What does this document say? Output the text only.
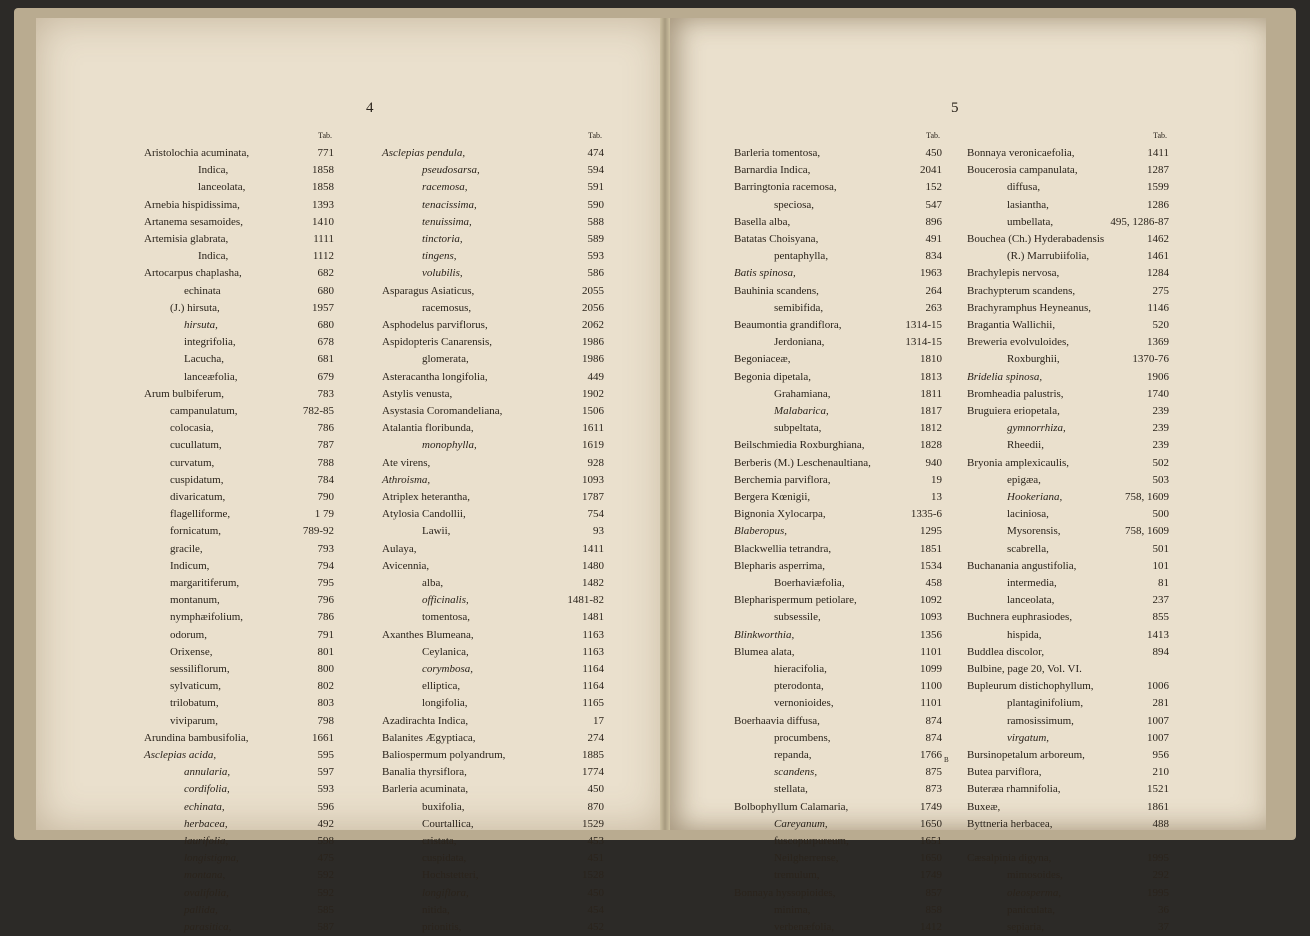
4
Tab.
Aristolochia acuminata,	771
Indica,	1858
lanceolata,	1858
Arnebia hispidissima,	1393
Artanema sesamoides,	1410
Artemisia glabrata,	1111
Indica,	1112
Artocarpus chaplasha,	682
echinata	680
(J.) hirsuta,	1957
hirsuta,	680
integrifolia,	678
Lacucha,	681
lanceæfolia,	679
Arum bulbiferum,	783
campanulatum,	782-85
colocasia,	786
cucullatum,	787
curvatum,	788
cuspidatum,	784
divaricatum,	790
flagelliforme,	1 79
fornicatum,	789-92
gracile,	793
Indicum,	794
margaritiferum,	795
montanum,	796
nymphæifolium,	786
odorum,	791
Orixense,	801
sessiliflorum,	800
sylvaticum,	802
trilobatum,	803
viviparum,	798
Arundina bambusifolia,	1661
Asclepias acida,	595
annularia,	597
cordifolia,	593
echinata,	596
herbacea,	492
laurifolia,	598
longistigma,	475
montana,	592
ovalifolia,	592
pallida,	585
parasitica,	587
Tab.
Asclepias pendula,	474
pseudosarsa,	594
racemosa,	591
tenacissima,	590
tenuissima,	588
tinctoria,	589
tingens,	593
volubilis,	586
Asparagus Asiaticus,	2055
racemosus,	2056
Asphodelus parviflorus,	2062
Aspidopteris Canarensis,	1986
glomerata,	1986
Asteracantha longifolia,	449
Astylis venusta,	1902
Asystasia Coromandeliana,	1506
Atalantia floribunda,	1611
monophylla,	1619
Ate virens,	928
Athroisma,	1093
Atriplex heterantha,	1787
Atylosia Candollii,	754
Lawii,	93
Aulaya,	1411
Avicennia,	1480
alba,	1482
officinalis,	1481-82
tomentosa,	1481
Axanthes Blumeana,	1163
Ceylanica,	1163
corymbosa,	1164
elliptica,	1164
longifolia,	1165
Azadirachta Indica,	17
Balanites Ægyptiaca,	274
Baliospermum polyandrum,	1885
Banalia thyrsiflora,	1774
Barleria acuminata,	450
buxifolia,	870
Courtallica,	1529
cristata,	453
cuspidata,	451
Hochstetteri,	1528
longiflora,	450
nitida,	454
prionitis,	452
5
Tab.
Barleria tomentosa,	450
Barnardia Indica,	2041
Barringtonia racemosa,	152
speciosa,	547
Basella alba,	896
Batatas Choisyana,	491
pentaphylla,	834
Batis spinosa,	1963
Bauhinia scandens,	264
semibifida,	263
Beaumontia grandiflora,	1314-15
Jerdoniana,	1314-15
Begoniaceæ,	1810
Begonia dipetala,	1813
Grahamiana,	1811
Malabarica,	1817
subpeltata,	1812
Beilschmiedia Roxburghiana,	1828
Berberis (M.) Leschenaultiana,	940
Berchemia parviflora,	19
Bergera Kœnigii,	13
Bignonia Xylocarpa,	1335-6
Blaberopus,	1295
Blackwellia tetrandra,	1851
Blepharis asperrima,	1534
Boerhaviæfolia,	458
Blepharispermum petiolare,	1092
subsessile,	1093
Blinkworthia,	1356
Blumea alata,	1101
hieracifolia,	1099
pterodonta,	1100
vernonioides,	1101
Boerhaavia diffusa,	874
procumbens,	874
repanda,	1766
scandens,	875
stellata,	873
Bolbophyllum Calamaria,	1749
Careyanum,	1650
fuscopurpureum,	1651
Neilgherrense,	1650
tremulum,	1749
Bonnaya hyssopioides,	857
minima,	858
verbenæfolia,	1412
Tab.
Bonnaya veronicaefolia,	1411
Boucerosia campanulata,	1287
diffusa,	1599
lasiantha,	1286
umbellata,	495, 1286-87
Bouchea (Ch.) Hyderabadensis	1462
(R.) Marrubiifolia,	1461
Brachylepis nervosa,	1284
Brachypterum scandens,	275
Brachyramphus Heyneanus,	1146
Bragantia Wallichii,	520
Breweria evolvuloides,	1369
Roxburghii,	1370-76
Bridelia spinosa,	1906
Bromheadia palustris,	1740
Bruguiera eriopetala,	239
gymnorrhiza,	239
Rheedii,	239
Bryonia amplexicaulis,	502
epigæa,	503
Hookeriana,	758, 1609
laciniosa,	500
Mysorensis,	758, 1609
scabrella,	501
Buchanania angustifolia,	101
intermedia,	81
lanceolata,	237
Buchnera euphrasiodes,	855
hispida,	1413
Buddlea discolor,	894
Bulbine, page 20, Vol. VI.
Bupleurum distichophyllum,	1006
plantaginifolium,	281
ramosissimum,	1007
virgatum,	1007
Bursinopetalum arboreum,	956
Butea parviflora,	210
Buteræa rhamnifolia,	1521
Buxeæ,	1861
Byttneria herbacea,	488
Cæsalpinia digyna,	1995
mimosoides,	292
oleosperma,	1995
paniculata,	36
sepiaria,	37
B
